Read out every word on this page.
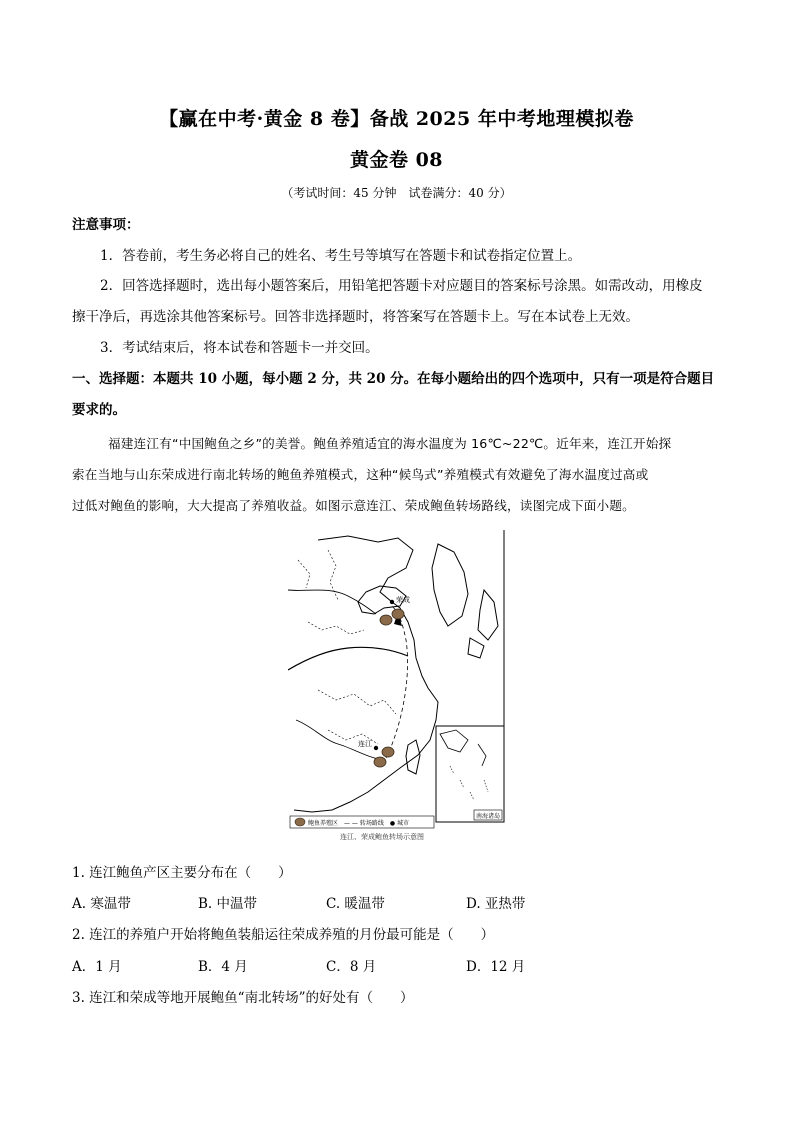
【赢在中考·黄金 8 卷】备战 2025 年中考地理模拟卷
黄金卷 08
（考试时间：45 分钟　试卷满分：40 分）
注意事项：
1．答卷前，考生务必将自己的姓名、考生号等填写在答题卡和试卷指定位置上。
2．回答选择题时，选出每小题答案后，用铅笔把答题卡对应题目的答案标号涂黑。如需改动，用橡皮
擦干净后，再选涂其他答案标号。回答非选择题时，将答案写在答题卡上。写在本试卷上无效。
3．考试结束后，将本试卷和答题卡一并交回。
一、选择题：本题共 10 小题，每小题 2 分，共 20 分。在每小题给出的四个选项中，只有一项是符合题目
要求的。
福建连江有“中国鲍鱼之乡”的美誉。鲍鱼养殖适宜的海水温度为 16℃~22℃。近年来，连江开始探
索在当地与山东荣成进行南北转场的鲍鱼养殖模式，这种“候鸟式”养殖模式有效避免了海水温度过高或
过低对鲍鱼的影响，大大提高了养殖收益。如图示意连江、荣成鲍鱼转场路线，读图完成下面小题。
荣成
连江
南海诸岛
鲍鱼养殖区　— — 转场路线　● 城市
连江、荣成鲍鱼转场示意图
1. 连江鲍鱼产区主要分布在（　　）
A. 寒温带	B. 中温带	C. 暖温带	D. 亚热带
2. 连江的养殖户开始将鲍鱼装船运往荣成养殖的月份最可能是（　　）
A．1 月	B．4 月	C．8 月	D．12 月
3. 连江和荣成等地开展鲍鱼“南北转场”的好处有（　　）
